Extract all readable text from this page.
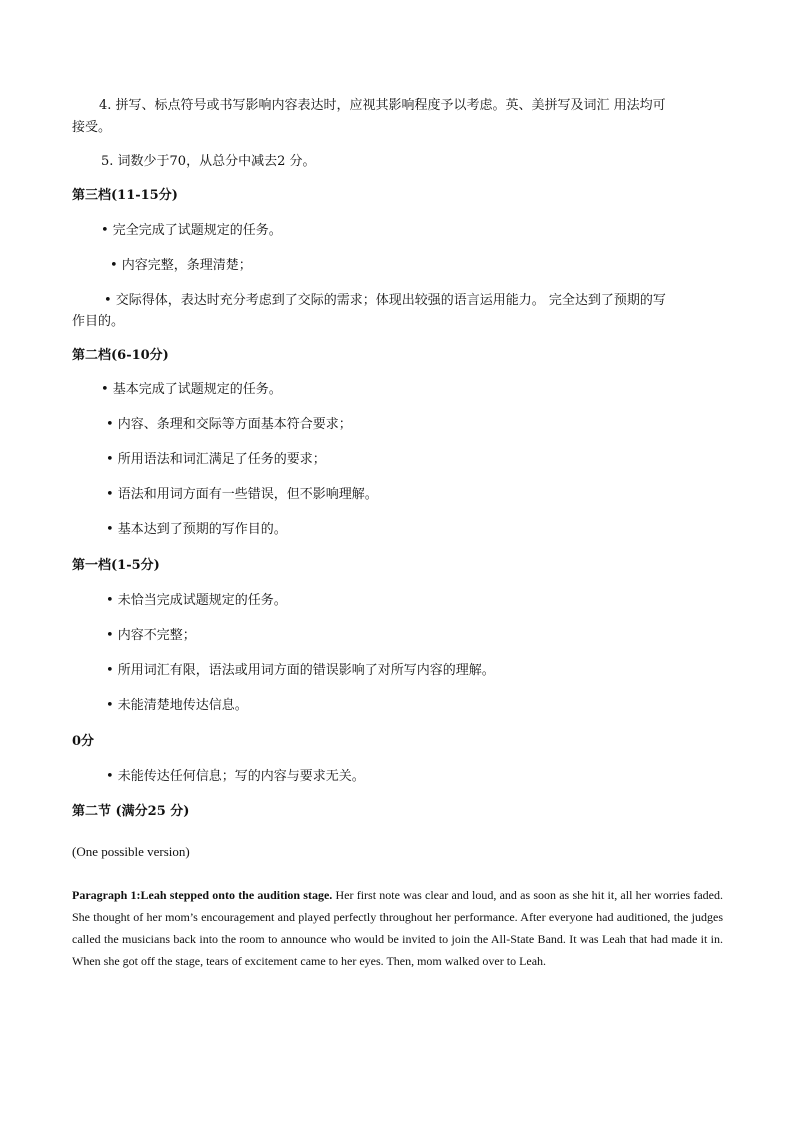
4. 拼写、标点符号或书写影响内容表达时，应视其影响程度予以考虑。英、美拼写及词汇 用法均可
接受。
5. 词数少于70，从总分中减去2 分。
第三档(11-15分)
• 完全完成了试题规定的任务。
• 内容完整，条理清楚；
• 交际得体，表达时充分考虑到了交际的需求；体现出较强的语言运用能力。 完全达到了预期的写
作目的。
第二档(6-10分)
• 基本完成了试题规定的任务。
• 内容、条理和交际等方面基本符合要求；
• 所用语法和词汇满足了任务的要求；
• 语法和用词方面有一些错误，但不影响理解。
• 基本达到了预期的写作目的。
第一档(1-5分)
• 未恰当完成试题规定的任务。
• 内容不完整；
• 所用词汇有限，语法或用词方面的错误影响了对所写内容的理解。
• 未能清楚地传达信息。
0分
• 未能传达任何信息；写的内容与要求无关。
第二节 (满分25 分)
(One possible version)
Paragraph 1:Leah stepped onto the audition stage. Her first note was clear and loud, and as soon as she hit it, all her worries faded. She thought of her mom’s encouragement and played perfectly throughout her performance. After everyone had auditioned, the judges called the musicians back into the room to announce who would be invited to join the All-State Band. It was Leah that had made it in. When she got off the stage, tears of excitement came to her eyes. Then, mom walked over to Leah.
